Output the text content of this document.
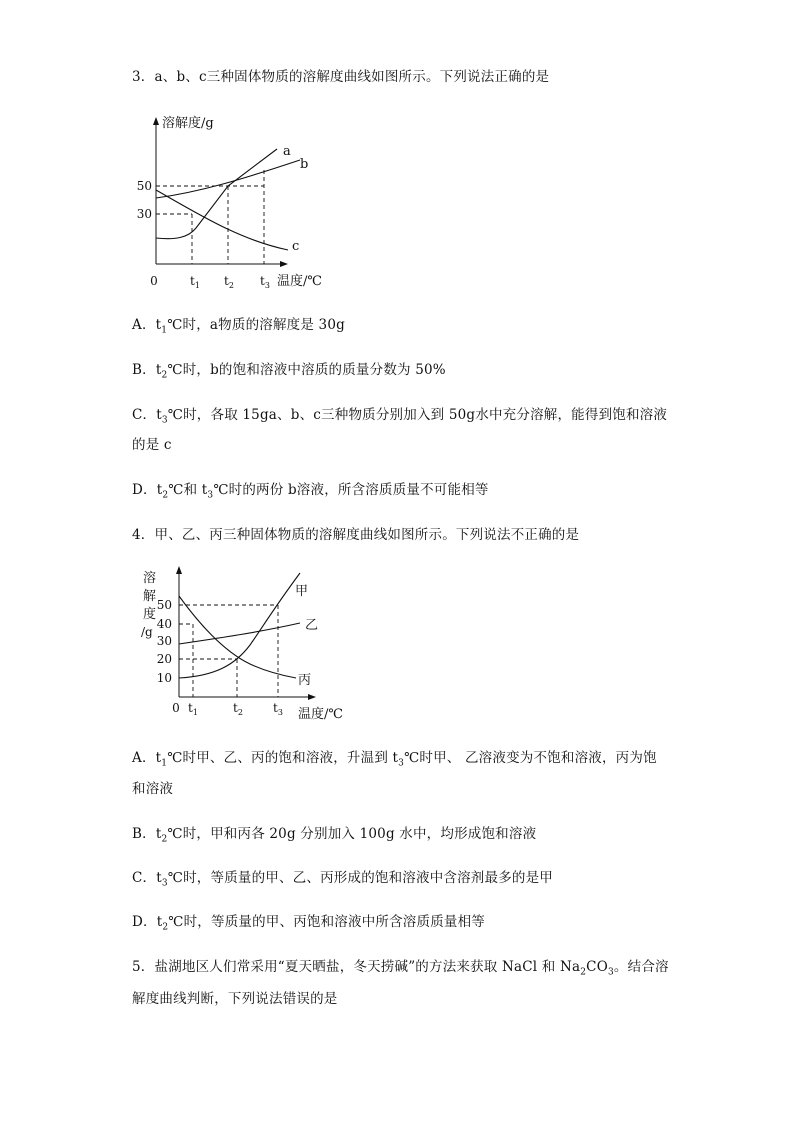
3．a、b、c三种固体物质的溶解度曲线如图所示。下列说法正确的是
溶解度/g
温度/℃
0
50
30
$t_1$ $t_2$ $t_3$
a
b
c
A．$t_1℃$时，a物质的溶解度是 30g
B．$t_2℃$时，b的饱和溶液中溶质的质量分数为 50%
C．$t_3℃$时，各取 15ga、b、c三种物质分别加入到 50g水中充分溶解，能得到饱和溶液
的是 c
D．$t_2℃$和 $t_3℃$时的两份 b溶液，所含溶质质量不可能相等
4．甲、乙、丙三种固体物质的溶解度曲线如图所示。下列说法不正确的是
溶
解
度
/g
温度/℃
0
50
40
30
20
10
$t_1$	$t_2$	$t_3$
甲
乙
丙
A．$t_1℃$时甲、乙、丙的饱和溶液，升温到 $t_3℃$时甲、 乙溶液变为不饱和溶液，丙为饱
和溶液
B．$t_2℃$时，甲和丙各 20g 分别加入 100g 水中，均形成饱和溶液
C．$t_3℃$时，等质量的甲、乙、丙形成的饱和溶液中含溶剂最多的是甲
D．$t_2℃$时，等质量的甲、丙饱和溶液中所含溶质质量相等
5．盐湖地区人们常采用“夏天晒盐，冬天捞碱”的方法来获取 NaCl 和 $Na_2CO_3$。结合溶
解度曲线判断，下列说法错误的是
